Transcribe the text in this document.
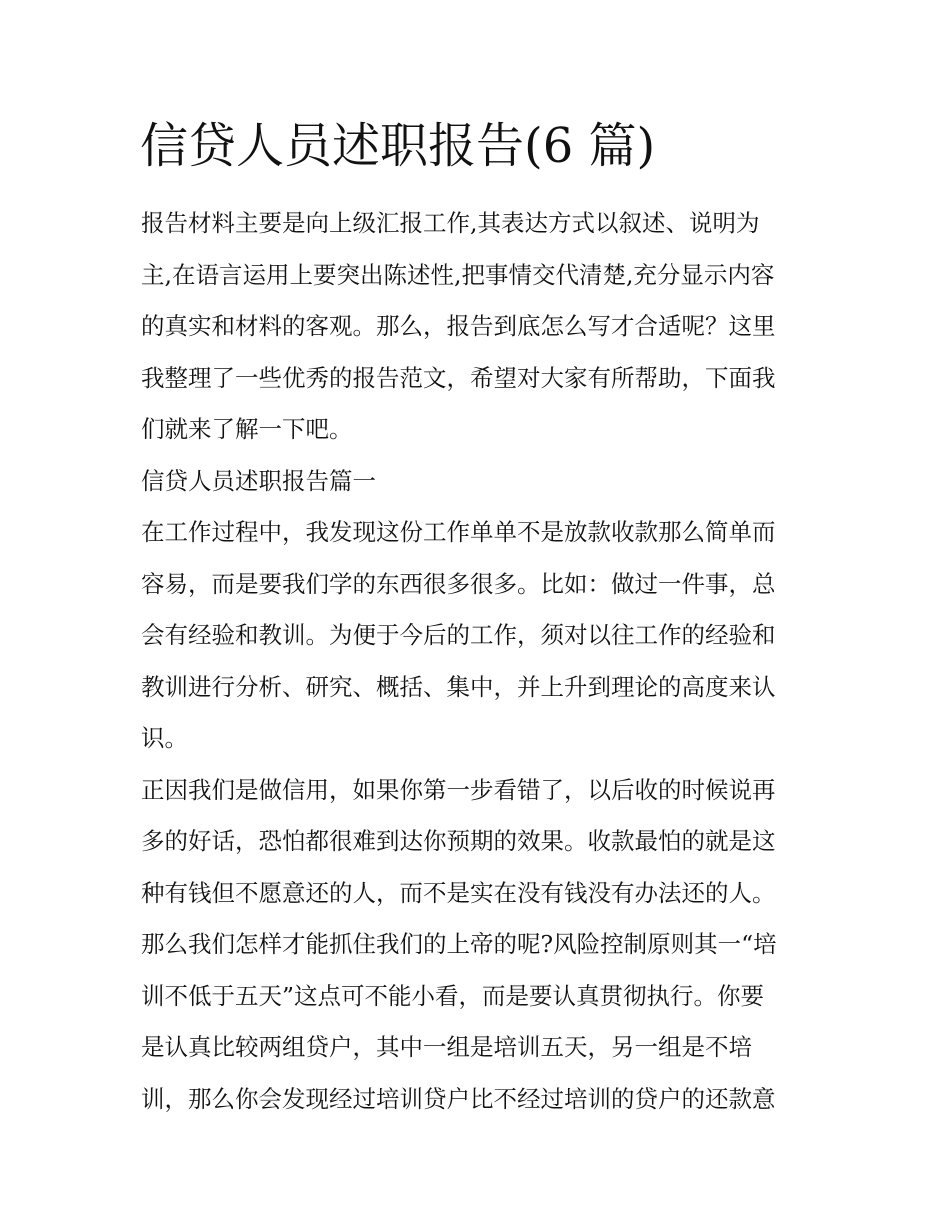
信贷人员述职报告(6 篇)
报告材料主要是向上级汇报工作,其表达方式以叙述、说明为
主,在语言运用上要突出陈述性,把事情交代清楚,充分显示内容
的真实和材料的客观。那么，报告到底怎么写才合适呢？这里
我整理了一些优秀的报告范文，希望对大家有所帮助，下面我
们就来了解一下吧。
信贷人员述职报告篇一
在工作过程中，我发现这份工作单单不是放款收款那么简单而
容易，而是要我们学的东西很多很多。比如：做过一件事，总
会有经验和教训。为便于今后的工作，须对以往工作的经验和
教训进行分析、研究、概括、集中，并上升到理论的高度来认
识。
正因我们是做信用，如果你第一步看错了，以后收的时候说再
多的好话，恐怕都很难到达你预期的效果。收款最怕的就是这
种有钱但不愿意还的人，而不是实在没有钱没有办法还的人。
那么我们怎样才能抓住我们的上帝的呢?风险控制原则其一“培
训不低于五天”这点可不能小看，而是要认真贯彻执行。你要
是认真比较两组贷户，其中一组是培训五天，另一组是不培
训，那么你会发现经过培训贷户比不经过培训的贷户的还款意
